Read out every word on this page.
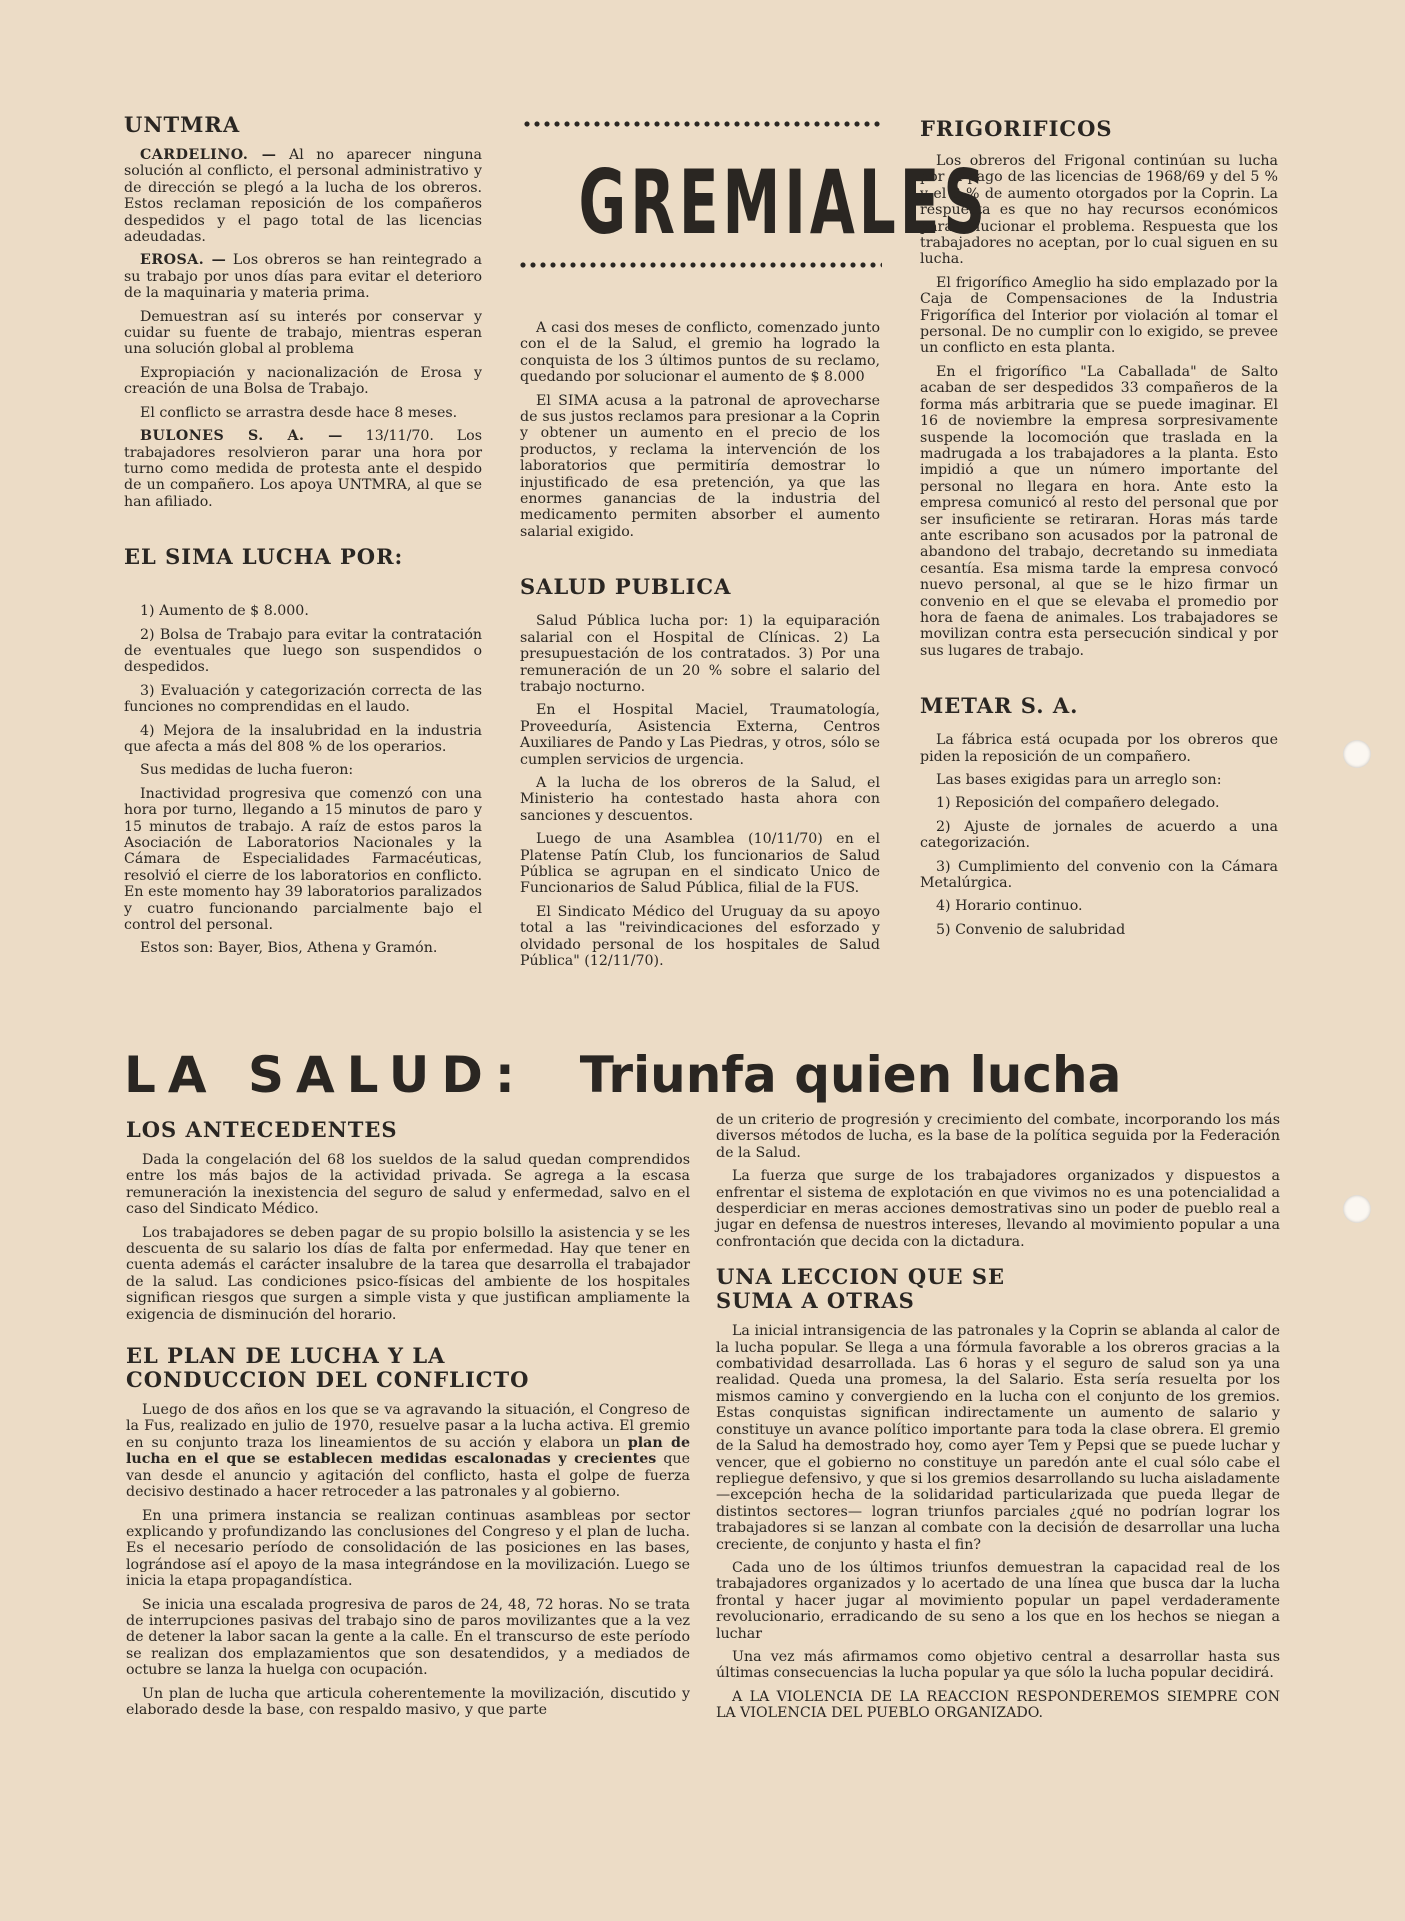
UNTMRA

CARDELINO. — Al no aparecer ninguna solución al conflicto, el personal administrativo y de dirección se plegó a la lucha de los obreros. Estos reclaman reposición de los compañeros despedidos y el pago total de las licencias adeudadas.

EROSA. — Los obreros se han reintegrado a su trabajo por unos días para evitar el deterioro de la maquinaria y materia prima.

Demuestran así su interés por conservar y cuidar su fuente de trabajo, mientras esperan una solución global al problema

Expropiación y nacionalización de Erosa y creación de una Bolsa de Trabajo.

El conflicto se arrastra desde hace 8 meses.

BULONES S. A. — 13/11/70. Los trabajadores resolvieron parar una hora por turno como medida de protesta ante el despido de un compañero. Los apoya UNTMRA, al que se han afiliado.

EL SIMA LUCHA POR:

1) Aumento de $ 8.000.

2) Bolsa de Trabajo para evitar la contratación de eventuales que luego son suspendidos o despedidos.

3) Evaluación y categorización correcta de las funciones no comprendidas en el laudo.

4) Mejora de la insalubridad en la industria que afecta a más del 808 % de los operarios.

Sus medidas de lucha fueron:

Inactividad progresiva que comenzó con una hora por turno, llegando a 15 minutos de paro y 15 minutos de trabajo. A raíz de estos paros la Asociación de Laboratorios Nacionales y la Cámara de Especialidades Farmacéuticas, resolvió el cierre de los laboratorios en conflicto. En este momento hay 39 laboratorios paralizados y cuatro funcionando parcialmente bajo el control del personal.

Estos son: Bayer, Bios, Athena y Gramón.

GREMIALES

A casi dos meses de conflicto, comenzado junto con el de la Salud, el gremio ha logrado la conquista de los 3 últimos puntos de su reclamo, quedando por solucionar el aumento de $ 8.000

El SIMA acusa a la patronal de aprovecharse de sus justos reclamos para presionar a la Coprin y obtener un aumento en el precio de los productos, y reclama la intervención de los laboratorios que permitiría demostrar lo injustificado de esa pretención, ya que las enormes ganancias de la industria del medicamento permiten absorber el aumento salarial exigido.

SALUD PUBLICA

Salud Pública lucha por: 1) la equiparación salarial con el Hospital de Clínicas. 2) La presupuestación de los contratados. 3) Por una remuneración de un 20 % sobre el salario del trabajo nocturno.

En el Hospital Maciel, Traumatología, Proveeduría, Asistencia Externa, Centros Auxiliares de Pando y Las Piedras, y otros, sólo se cumplen servicios de urgencia.

A la lucha de los obreros de la Salud, el Ministerio ha contestado hasta ahora con sanciones y descuentos.

Luego de una Asamblea (10/11/70) en el Platense Patín Club, los funcionarios de Salud Pública se agrupan en el sindicato Unico de Funcionarios de Salud Pública, filial de la FUS.

El Sindicato Médico del Uruguay da su apoyo total a las "reivindicaciones del esforzado y olvidado personal de los hospitales de Salud Pública" (12/11/70).

FRIGORIFICOS

Los obreros del Frigonal continúan su lucha por el pago de las licencias de 1968/69 y del 5 % y el 8 % de aumento otorgados por la Coprin. La respuesta es que no hay recursos económicos para solucionar el problema. Respuesta que los trabajadores no aceptan, por lo cual siguen en su lucha.

El frigorífico Ameglio ha sido emplazado por la Caja de Compensaciones de la Industria Frigorífica del Interior por violación al tomar el personal. De no cumplir con lo exigido, se prevee un conflicto en esta planta.

En el frigorífico "La Caballada" de Salto acaban de ser despedidos 33 compañeros de la forma más arbitraria que se puede imaginar. El 16 de noviembre la empresa sorpresivamente suspende la locomoción que traslada en la madrugada a los trabajadores a la planta. Esto impidió a que un número importante del personal no llegara en hora. Ante esto la empresa comunicó al resto del personal que por ser insuficiente se retiraran. Horas más tarde ante escribano son acusados por la patronal de abandono del trabajo, decretando su inmediata cesantía. Esa misma tarde la empresa convocó nuevo personal, al que se le hizo firmar un convenio en el que se elevaba el promedio por hora de faena de animales. Los trabajadores se movilizan contra esta persecución sindical y por sus lugares de trabajo.

METAR S. A.

La fábrica está ocupada por los obreros que piden la reposición de un compañero.

Las bases exigidas para un arreglo son:

1) Reposición del compañero delegado.

2) Ajuste de jornales de acuerdo a una categorización.

3) Cumplimiento del convenio con la Cámara Metalúrgica.

4) Horario continuo.

5) Convenio de salubridad

LA SALUD: Triunfa quien lucha
LOS ANTECEDENTES

Dada la congelación del 68 los sueldos de la salud quedan comprendidos entre los más bajos de la actividad privada. Se agrega a la escasa remuneración la inexistencia del seguro de salud y enfermedad, salvo en el caso del Sindicato Médico.

Los trabajadores se deben pagar de su propio bolsillo la asistencia y se les descuenta de su salario los días de falta por enfermedad. Hay que tener en cuenta además el carácter insalubre de la tarea que desarrolla el trabajador de la salud. Las condiciones psico-físicas del ambiente de los hospitales significan riesgos que surgen a simple vista y que justifican ampliamente la exigencia de disminución del horario.

EL PLAN DE LUCHA Y LA
CONDUCCION DEL CONFLICTO

Luego de dos años en los que se va agravando la situación, el Congreso de la Fus, realizado en julio de 1970, resuelve pasar a la lucha activa. El gremio en su conjunto traza los lineamientos de su acción y elabora un plan de lucha en el que se establecen medidas escalonadas y crecientes que van desde el anuncio y agitación del conflicto, hasta el golpe de fuerza decisivo destinado a hacer retroceder a las patronales y al gobierno.

En una primera instancia se realizan continuas asambleas por sector explicando y profundizando las conclusiones del Congreso y el plan de lucha. Es el necesario período de consolidación de las posiciones en las bases, lográndose así el apoyo de la masa integrándose en la movilización. Luego se inicia la etapa propagandística.

Se inicia una escalada progresiva de paros de 24, 48, 72 horas. No se trata de interrupciones pasivas del trabajo sino de paros movilizantes que a la vez de detener la labor sacan la gente a la calle. En el transcurso de este período se realizan dos emplazamientos que son desatendidos, y a mediados de octubre se lanza la huelga con ocupación.

Un plan de lucha que articula coherentemente la movilización, discutido y elaborado desde la base, con respaldo masivo, y que parte

de un criterio de progresión y crecimiento del combate, incorporando los más diversos métodos de lucha, es la base de la política seguida por la Federación de la Salud.

La fuerza que surge de los trabajadores organizados y dispuestos a enfrentar el sistema de explotación en que vivimos no es una potencialidad a desperdiciar en meras acciones demostrativas sino un poder de pueblo real a jugar en defensa de nuestros intereses, llevando al movimiento popular a una confrontación que decida con la dictadura.

UNA LECCION QUE SE
SUMA A OTRAS

La inicial intransigencia de las patronales y la Coprin se ablanda al calor de la lucha popular. Se llega a una fórmula favorable a los obreros gracias a la combatividad desarrollada. Las 6 horas y el seguro de salud son ya una realidad. Queda una promesa, la del Salario. Esta sería resuelta por los mismos camino y convergiendo en la lucha con el conjunto de los gremios. Estas conquistas significan indirectamente un aumento de salario y constituye un avance político importante para toda la clase obrera. El gremio de la Salud ha demostrado hoy, como ayer Tem y Pepsi que se puede luchar y vencer, que el gobierno no constituye un paredón ante el cual sólo cabe el repliegue defensivo, y que si los gremios desarrollando su lucha aisladamente —excepción hecha de la solidaridad particularizada que pueda llegar de distintos sectores— logran triunfos parciales ¿qué no podrían lograr los trabajadores si se lanzan al combate con la decisión de desarrollar una lucha creciente, de conjunto y hasta el fin?

Cada uno de los últimos triunfos demuestran la capacidad real de los trabajadores organizados y lo acertado de una línea que busca dar la lucha frontal y hacer jugar al movimiento popular un papel verdaderamente revolucionario, erradicando de su seno a los que en los hechos se niegan a luchar

Una vez más afirmamos como objetivo central a desarrollar hasta sus últimas consecuencias la lucha popular ya que sólo la lucha popular decidirá.

A LA VIOLENCIA DE LA REACCION RESPONDEREMOS SIEMPRE CON LA VIOLENCIA DEL PUEBLO ORGANIZADO.
